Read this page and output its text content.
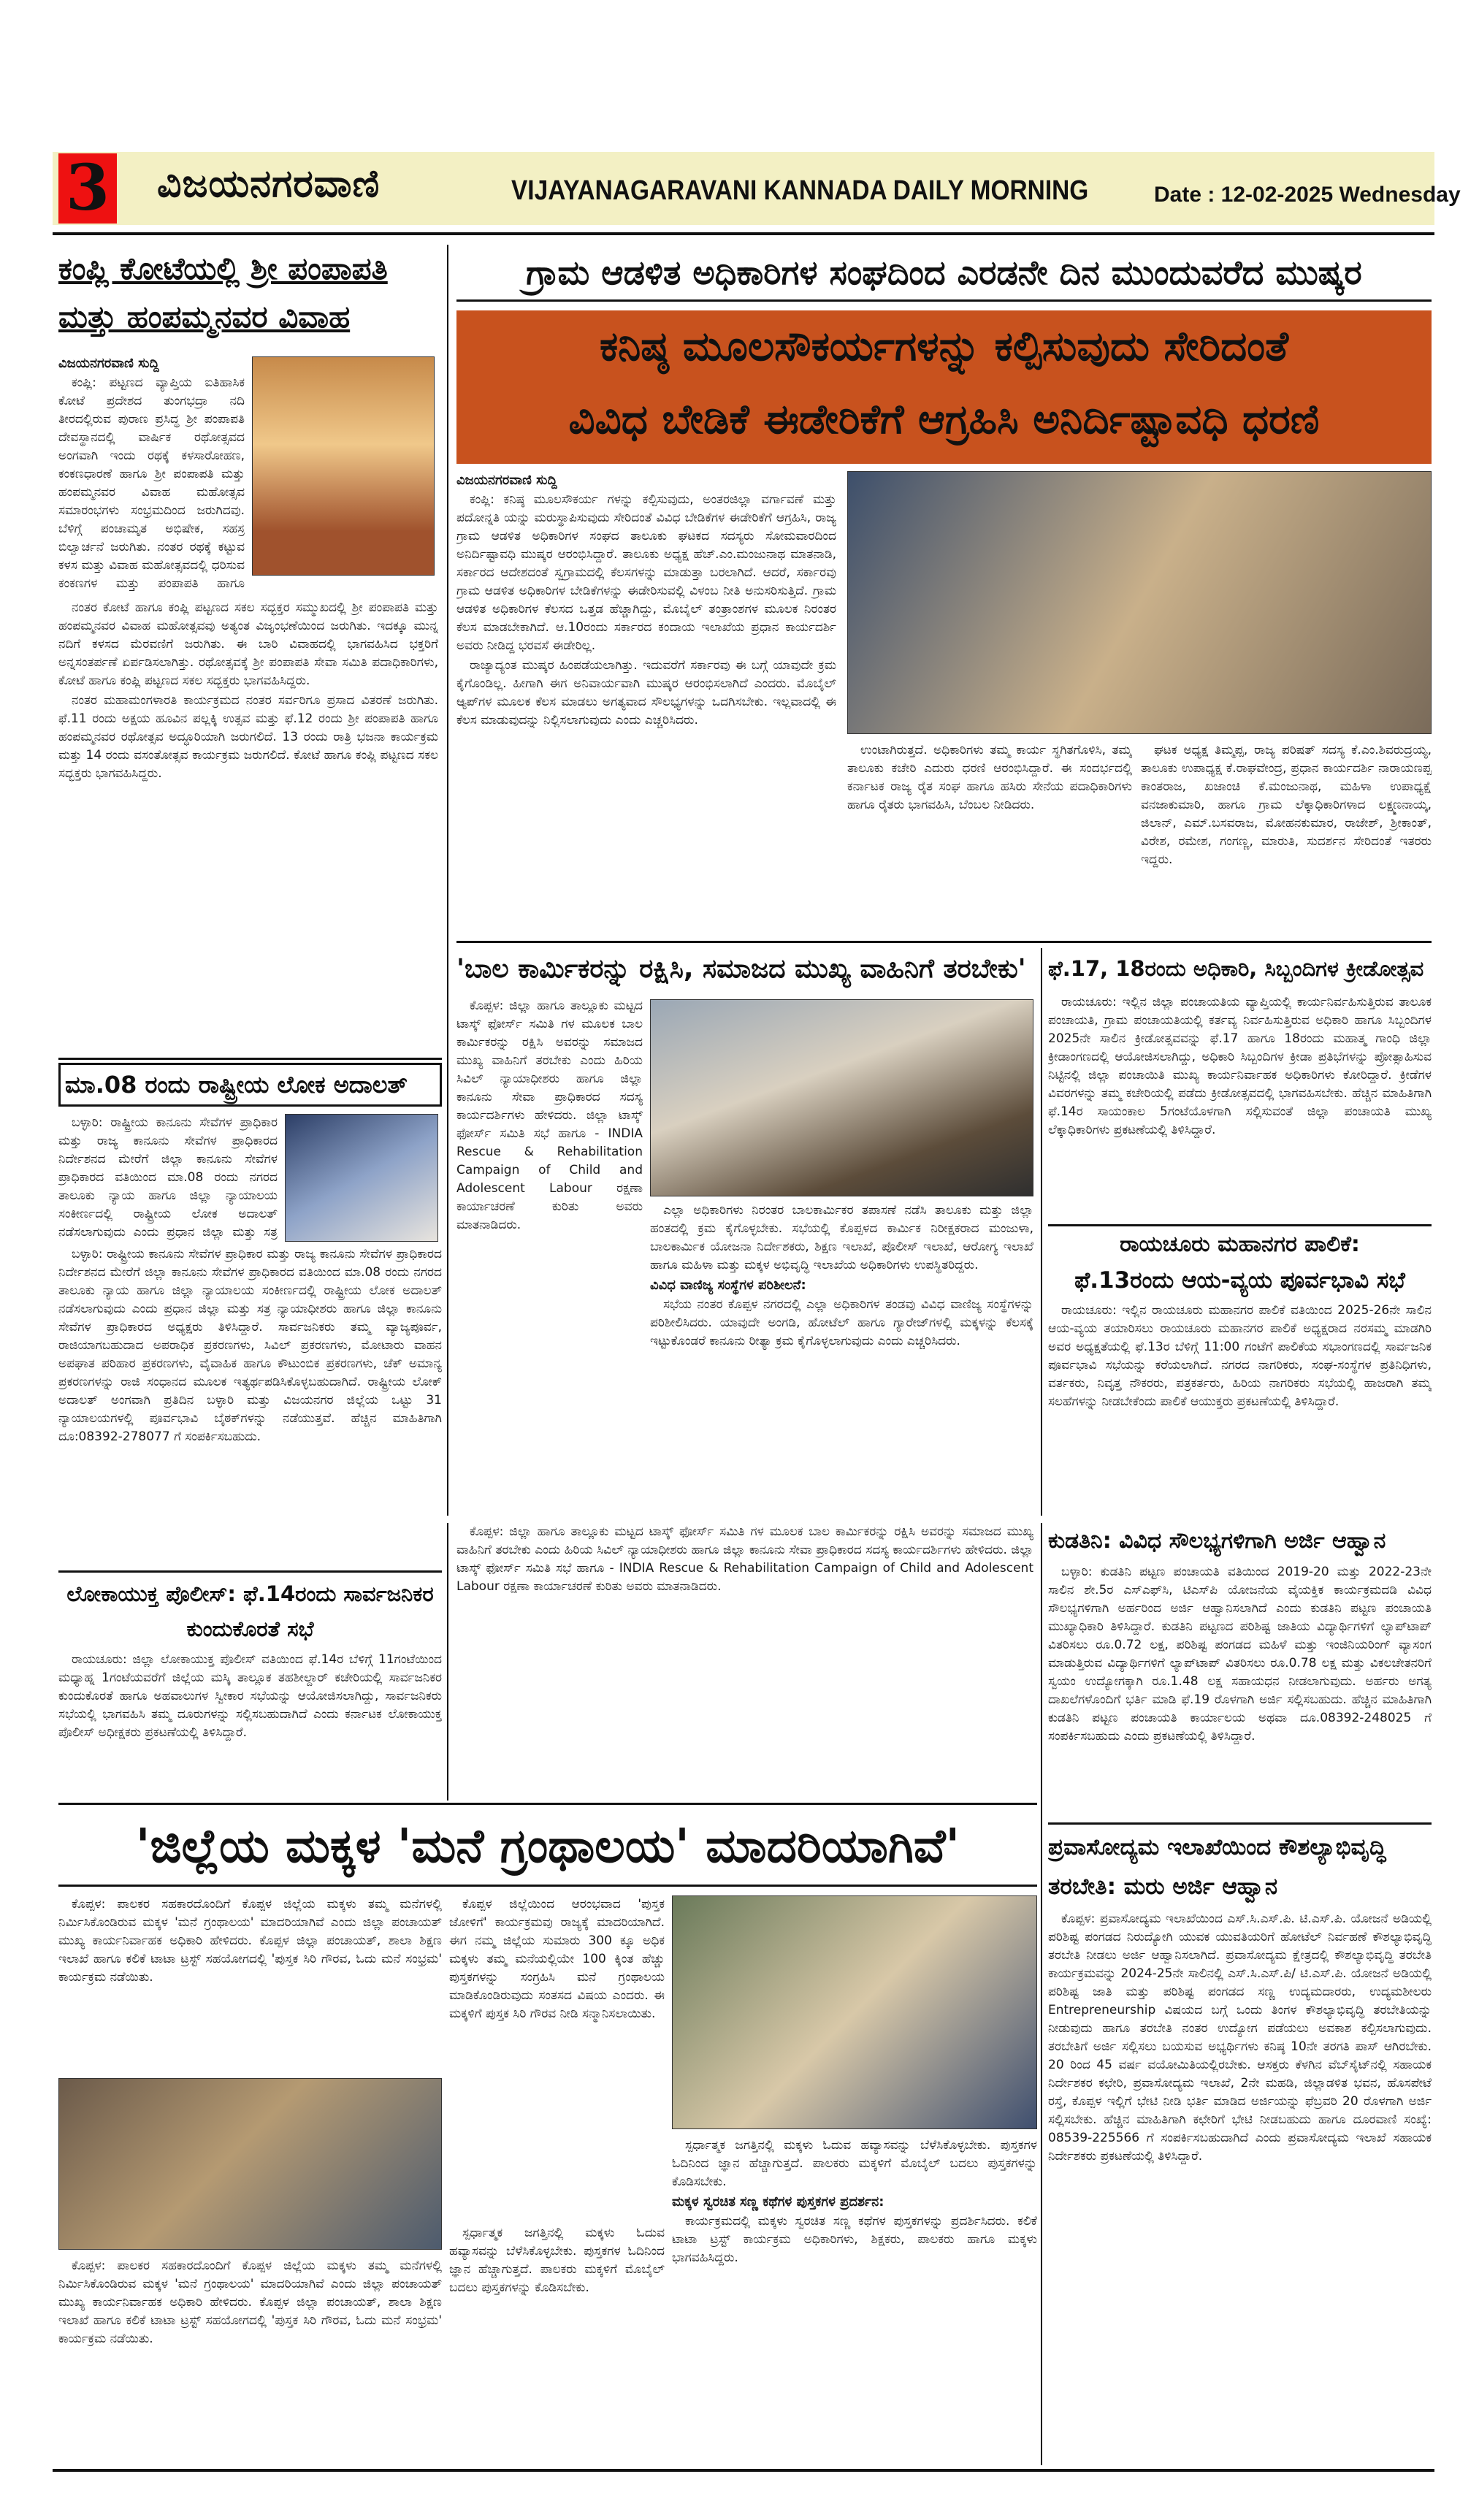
3 ವಿಜಯನಗರವಾಣಿ	VIJAYANAGARAVANI KANNADA DAILY MORNING	Date : 12-02-2025 Wednesday
ಕಂಪ್ಲಿ ಕೋಟೆಯಲ್ಲಿ ಶ್ರೀ ಪಂಪಾಪತಿ ಮತ್ತು ಹಂಪಮ್ಮನವರ ವಿವಾಹ
ವಿಜಯನಗರವಾಣಿ ಸುದ್ದಿ

ಕಂಪ್ಲಿ: ಪಟ್ಟಣದ ವ್ಯಾಪ್ತಿಯ ಐತಿಹಾಸಿಕ ಕೋಟೆ ಪ್ರದೇಶದ ತುಂಗಭದ್ರಾ ನದಿ ತೀರದಲ್ಲಿರುವ ಪುರಾಣ ಪ್ರಸಿದ್ಧ ಶ್ರೀ ಪಂಪಾಪತಿ ದೇವಸ್ಥಾನದಲ್ಲಿ ವಾರ್ಷಿಕ ರಥೋತ್ಸವದ ಅಂಗವಾಗಿ ಇಂದು ರಥಕ್ಕೆ ಕಳಸಾರೋಹಣ, ಕಂಕಣಧಾರಣೆ ಹಾಗೂ ಶ್ರೀ ಪಂಪಾಪತಿ ಮತ್ತು ಹಂಪಮ್ಮನವರ ವಿವಾಹ ಮಹೋತ್ಸವ ಸಮಾರಂಭಗಳು ಸಂಭ್ರಮದಿಂದ ಜರುಗಿದವು. ಬೆಳಿಗ್ಗೆ ಪಂಚಾಮೃತ ಅಭಿಷೇಕ, ಸಹಸ್ರ ಬಿಲ್ವಾರ್ಚನೆ ಜರುಗಿತು. ನಂತರ ರಥಕ್ಕೆ ಕಟ್ಟುವ ಕಳಸ ಮತ್ತು ವಿವಾಹ ಮಹೋತ್ಸವದಲ್ಲಿ ಧರಿಸುವ ಕಂಕಣಗಳ ಮತ್ತು ಪಂಪಾಪತಿ ಹಾಗೂ

ನಂತರ ಕೋಟೆ ಹಾಗೂ ಕಂಪ್ಲಿ ಪಟ್ಟಣದ ಸಕಲ ಸದ್ಭಕ್ತರ ಸಮ್ಮುಖದಲ್ಲಿ ಶ್ರೀ ಪಂಪಾಪತಿ ಮತ್ತು ಹಂಪಮ್ಮನವರ ವಿವಾಹ ಮಹೋತ್ಸವವು ಅತ್ಯಂತ ವಿಜೃಂಭಣೆಯಿಂದ ಜರುಗಿತು. ಇದಕ್ಕೂ ಮುನ್ನ ನದಿಗೆ ಕಳಸದ ಮೆರವಣಿಗೆ ಜರುಗಿತು. ಈ ಬಾರಿ ವಿವಾಹದಲ್ಲಿ ಭಾಗವಹಿಸಿದ ಭಕ್ತರಿಗೆ ಅನ್ನಸಂತರ್ಪಣೆ ಏರ್ಪಡಿಸಲಾಗಿತ್ತು. ರಥೋತ್ಸವಕ್ಕೆ ಶ್ರೀ ಪಂಪಾಪತಿ ಸೇವಾ ಸಮಿತಿ ಪದಾಧಿಕಾರಿಗಳು, ಕೋಟೆ ಹಾಗೂ ಕಂಪ್ಲಿ ಪಟ್ಟಣದ ಸಕಲ ಸದ್ಭಕ್ತರು ಭಾಗವಹಿಸಿದ್ದರು.

ನಂತರ ಮಹಾಮಂಗಳಾರತಿ ಕಾರ್ಯಕ್ರಮದ ನಂತರ ಸರ್ವರಿಗೂ ಪ್ರಸಾದ ವಿತರಣೆ ಜರುಗಿತು. ಫೆ.11 ರಂದು ಅಕ್ಷಯ ಹೂವಿನ ಪಲ್ಲಕ್ಕಿ ಉತ್ಸವ ಮತ್ತು ಫೆ.12 ರಂದು ಶ್ರೀ ಪಂಪಾಪತಿ ಹಾಗೂ ಹಂಪಮ್ಮನವರ ರಥೋತ್ಸವ ಅದ್ಧೂರಿಯಾಗಿ ಜರುಗಲಿದೆ. 13 ರಂದು ರಾತ್ರಿ ಭಜನಾ ಕಾರ್ಯಕ್ರಮ ಮತ್ತು 14 ರಂದು ವಸಂತೋತ್ಸವ ಕಾರ್ಯಕ್ರಮ ಜರುಗಲಿದೆ. ಕೋಟೆ ಹಾಗೂ ಕಂಪ್ಲಿ ಪಟ್ಟಣದ ಸಕಲ ಸದ್ಭಕ್ತರು ಭಾಗವಹಿಸಿದ್ದರು.

ಗ್ರಾಮ ಆಡಳಿತ ಅಧಿಕಾರಿಗಳ ಸಂಘದಿಂದ ಎರಡನೇ ದಿನ ಮುಂದುವರೆದ ಮುಷ್ಕರ
ಕನಿಷ್ಠ ಮೂಲಸೌಕರ್ಯಗಳನ್ನು ಕಲ್ಪಿಸುವುದು ಸೇರಿದಂತೆ
ವಿವಿಧ ಬೇಡಿಕೆ ಈಡೇರಿಕೆಗೆ ಆಗ್ರಹಿಸಿ ಅನಿರ್ದಿಷ್ಟಾವಧಿ ಧರಣಿ
ವಿಜಯನಗರವಾಣಿ ಸುದ್ದಿ

ಕಂಪ್ಲಿ: ಕನಿಷ್ಠ ಮೂಲಸೌಕರ್ಯ ಗಳನ್ನು ಕಲ್ಪಿಸುವುದು, ಅಂತರಜಿಲ್ಲಾ ವರ್ಗಾವಣೆ ಮತ್ತು ಪದೋನ್ನತಿ ಯನ್ನು ಮರುಸ್ಥಾಪಿಸುವುದು ಸೇರಿದಂತೆ ವಿವಿಧ ಬೇಡಿಕೆಗಳ ಈಡೇರಿಕೆಗೆ ಆಗ್ರಹಿಸಿ, ರಾಜ್ಯ ಗ್ರಾಮ ಆಡಳಿತ ಅಧಿಕಾರಿಗಳ ಸಂಘದ ತಾಲೂಕು ಘಟಕದ ಸದಸ್ಯರು ಸೋಮವಾರದಿಂದ ಅನಿರ್ದಿಷ್ಟಾವಧಿ ಮುಷ್ಕರ ಆರಂಭಿಸಿದ್ದಾರೆ. ತಾಲೂಕು ಅಧ್ಯಕ್ಷ ಹೆಚ್.ಎಂ.ಮಂಜುನಾಥ ಮಾತನಾಡಿ, ಸರ್ಕಾರದ ಆದೇಶದಂತೆ ಸ್ವಗ್ರಾಮದಲ್ಲಿ ಕೆಲಸಗಳನ್ನು ಮಾಡುತ್ತಾ ಬರಲಾಗಿದೆ. ಆದರೆ, ಸರ್ಕಾರವು ಗ್ರಾಮ ಆಡಳಿತ ಅಧಿಕಾರಿಗಳ ಬೇಡಿಕೆಗಳನ್ನು ಈಡೇರಿಸುವಲ್ಲಿ ವಿಳಂಬ ನೀತಿ ಅನುಸರಿಸುತ್ತಿದೆ. ಗ್ರಾಮ ಆಡಳಿತ ಅಧಿಕಾರಿಗಳ ಕೆಲಸದ ಒತ್ತಡ ಹೆಚ್ಚಾಗಿದ್ದು, ಮೊಬೈಲ್ ತಂತ್ರಾಂಶಗಳ ಮೂಲಕ ನಿರಂತರ ಕೆಲಸ ಮಾಡಬೇಕಾಗಿದೆ. ಆ.10ರಂದು ಸರ್ಕಾರದ ಕಂದಾಯ ಇಲಾಖೆಯ ಪ್ರಧಾನ ಕಾರ್ಯದರ್ಶಿ ಅವರು ನೀಡಿದ್ದ ಭರವಸೆ ಈಡೇರಿಲ್ಲ.

ರಾಜ್ಯಾದ್ಯಂತ ಮುಷ್ಕರ ಹಿಂಪಡೆಯಲಾಗಿತ್ತು. ಇದುವರೆಗೆ ಸರ್ಕಾರವು ಈ ಬಗ್ಗೆ ಯಾವುದೇ ಕ್ರಮ ಕೈಗೊಂಡಿಲ್ಲ. ಹೀಗಾಗಿ ಈಗ ಅನಿವಾರ್ಯವಾಗಿ ಮುಷ್ಕರ ಆರಂಭಿಸಲಾಗಿದೆ ಎಂದರು. ಮೊಬೈಲ್ ಆ್ಯಪ್‌ಗಳ ಮೂಲಕ ಕೆಲಸ ಮಾಡಲು ಅಗತ್ಯವಾದ ಸೌಲಭ್ಯಗಳನ್ನು ಒದಗಿಸಬೇಕು. ಇಲ್ಲವಾದಲ್ಲಿ ಈ ಕೆಲಸ ಮಾಡುವುದನ್ನು ನಿಲ್ಲಿಸಲಾಗುವುದು ಎಂದು ಎಚ್ಚರಿಸಿದರು.

ಉಂಟಾಗಿರುತ್ತದೆ. ಅಧಿಕಾರಿಗಳು ತಮ್ಮ ಕಾರ್ಯ ಸ್ಥಗಿತಗೊಳಿಸಿ, ತಮ್ಮ ತಾಲೂಕು ಕಚೇರಿ ಎದುರು ಧರಣಿ ಆರಂಭಿಸಿದ್ದಾರೆ. ಈ ಸಂದರ್ಭದಲ್ಲಿ ಕರ್ನಾಟಕ ರಾಜ್ಯ ರೈತ ಸಂಘ ಹಾಗೂ ಹಸಿರು ಸೇನೆಯ ಪದಾಧಿಕಾರಿಗಳು ಹಾಗೂ ರೈತರು ಭಾಗವಹಿಸಿ, ಬೆಂಬಲ ನೀಡಿದರು.

ಘಟಕ ಅಧ್ಯಕ್ಷ ತಿಮ್ಮಪ್ಪ, ರಾಜ್ಯ ಪರಿಷತ್ ಸದಸ್ಯ ಕೆ.ಎಂ.ಶಿವರುದ್ರಯ್ಯ, ತಾಲೂಕು ಉಪಾಧ್ಯಕ್ಷ ಕೆ.ರಾಘವೇಂದ್ರ, ಪ್ರಧಾನ ಕಾರ್ಯದರ್ಶಿ ನಾರಾಯಣಪ್ಪ ಕಾಂತರಾಜ, ಖಜಾಂಚಿ ಕೆ.ಮಂಜುನಾಥ, ಮಹಿಳಾ ಉಪಾಧ್ಯಕ್ಷೆ ವನಜಾಕುಮಾರಿ, ಹಾಗೂ ಗ್ರಾಮ ಲೆಕ್ಕಾಧಿಕಾರಿಗಳಾದ ಲಕ್ಷ್ಮಣನಾಯ್ಕ, ಜಿಲಾನ್, ಎಮ್.ಬಸವರಾಜ, ಮೋಹನಕುಮಾರ, ರಾಜೇಶ್, ಶ್ರೀಕಾಂತ್, ವಿರೇಶ, ರಮೇಶ, ಗಂಗಣ್ಣ, ಮಾರುತಿ, ಸುದರ್ಶನ ಸೇರಿದಂತೆ ಇತರರು ಇದ್ದರು.

'ಬಾಲ ಕಾರ್ಮಿಕರನ್ನು ರಕ್ಷಿಸಿ, ಸಮಾಜದ ಮುಖ್ಯ ವಾಹಿನಿಗೆ ತರಬೇಕು'

ಕೊಪ್ಪಳ: ಜಿಲ್ಲಾ ಹಾಗೂ ತಾಲ್ಲೂಕು ಮಟ್ಟದ ಟಾಸ್ಕ್ ಫೋರ್ಸ್ ಸಮಿತಿ ಗಳ ಮೂಲಕ ಬಾಲ ಕಾರ್ಮಿಕರನ್ನು ರಕ್ಷಿಸಿ ಅವರನ್ನು ಸಮಾಜದ ಮುಖ್ಯ ವಾಹಿನಿಗೆ ತರಬೇಕು ಎಂದು ಹಿರಿಯ ಸಿವಿಲ್ ನ್ಯಾಯಾಧೀಶರು ಹಾಗೂ ಜಿಲ್ಲಾ ಕಾನೂನು ಸೇವಾ ಪ್ರಾಧಿಕಾರದ ಸದಸ್ಯ ಕಾರ್ಯದರ್ಶಿಗಳು ಹೇಳಿದರು. ಜಿಲ್ಲಾ ಟಾಸ್ಕ್ ಫೋರ್ಸ್ ಸಮಿತಿ ಸಭೆ ಹಾಗೂ - INDIA Rescue & Rehabilitation Campaign of Child and Adolescent Labour ರಕ್ಷಣಾ ಕಾರ್ಯಾಚರಣೆ ಕುರಿತು ಅವರು ಮಾತನಾಡಿದರು.

ಎಲ್ಲಾ ಅಧಿಕಾರಿಗಳು ನಿರಂತರ ಬಾಲಕಾರ್ಮಿಕರ ತಪಾಸಣೆ ನಡೆಸಿ ತಾಲೂಕು ಮತ್ತು ಜಿಲ್ಲಾ ಹಂತದಲ್ಲಿ ಕ್ರಮ ಕೈಗೊಳ್ಳಬೇಕು. ಸಭೆಯಲ್ಲಿ ಕೊಪ್ಪಳದ ಕಾರ್ಮಿಕ ನಿರೀಕ್ಷಕರಾದ ಮಂಜುಳಾ, ಬಾಲಕಾರ್ಮಿಕ ಯೋಜನಾ ನಿರ್ದೇಶಕರು, ಶಿಕ್ಷಣ ಇಲಾಖೆ, ಪೊಲೀಸ್ ಇಲಾಖೆ, ಆರೋಗ್ಯ ಇಲಾಖೆ ಹಾಗೂ ಮಹಿಳಾ ಮತ್ತು ಮಕ್ಕಳ ಅಭಿವೃದ್ಧಿ ಇಲಾಖೆಯ ಅಧಿಕಾರಿಗಳು ಉಪಸ್ಥಿತರಿದ್ದರು.

ವಿವಿಧ ವಾಣಿಜ್ಯ ಸಂಸ್ಥೆಗಳ ಪರಿಶೀಲನೆ:

ಸಭೆಯ ನಂತರ ಕೊಪ್ಪಳ ನಗರದಲ್ಲಿ ಎಲ್ಲಾ ಅಧಿಕಾರಿಗಳ ತಂಡವು ವಿವಿಧ ವಾಣಿಜ್ಯ ಸಂಸ್ಥೆಗಳನ್ನು ಪರಿಶೀಲಿಸಿದರು. ಯಾವುದೇ ಅಂಗಡಿ, ಹೋಟೆಲ್ ಹಾಗೂ ಗ್ಯಾರೇಜ್‌ಗಳಲ್ಲಿ ಮಕ್ಕಳನ್ನು ಕೆಲಸಕ್ಕೆ ಇಟ್ಟುಕೊಂಡರೆ ಕಾನೂನು ರೀತ್ಯಾ ಕ್ರಮ ಕೈಗೊಳ್ಳಲಾಗುವುದು ಎಂದು ಎಚ್ಚರಿಸಿದರು.

ಫೆ.17, 18ರಂದು ಅಧಿಕಾರಿ, ಸಿಬ್ಬಂದಿಗಳ ಕ್ರೀಡೋತ್ಸವ

ರಾಯಚೂರು: ಇಲ್ಲಿನ ಜಿಲ್ಲಾ ಪಂಚಾಯತಿಯ ವ್ಯಾಪ್ತಿಯಲ್ಲಿ ಕಾರ್ಯನಿರ್ವಹಿಸುತ್ತಿರುವ ತಾಲೂಕ ಪಂಚಾಯತಿ, ಗ್ರಾಮ ಪಂಚಾಯತಿಯಲ್ಲಿ ಕರ್ತವ್ಯ ನಿರ್ವಹಿಸುತ್ತಿರುವ ಅಧಿಕಾರಿ ಹಾಗೂ ಸಿಬ್ಬಂದಿಗಳ 2025ನೇ ಸಾಲಿನ ಕ್ರೀಡೋತ್ಸವವನ್ನು ಫೆ.17 ಹಾಗೂ 18ರಂದು ಮಹಾತ್ಮ ಗಾಂಧಿ ಜಿಲ್ಲಾ ಕ್ರೀಡಾಂಗಣದಲ್ಲಿ ಆಯೋಜಿಸಲಾಗಿದ್ದು, ಅಧಿಕಾರಿ ಸಿಬ್ಬಂದಿಗಳ ಕ್ರೀಡಾ ಪ್ರತಿಭೆಗಳನ್ನು ಪ್ರೋತ್ಸಾಹಿಸುವ ನಿಟ್ಟಿನಲ್ಲಿ ಜಿಲ್ಲಾ ಪಂಚಾಯಿತಿ ಮುಖ್ಯ ಕಾರ್ಯನಿರ್ವಾಹಕ ಅಧಿಕಾರಿಗಳು ಕೋರಿದ್ದಾರೆ. ಕ್ರೀಡೆಗಳ ವಿವರಗಳನ್ನು ತಮ್ಮ ಕಚೇರಿಯಲ್ಲಿ ಪಡೆದು ಕ್ರೀಡೋತ್ಸವದಲ್ಲಿ ಭಾಗವಹಿಸಬೇಕು. ಹೆಚ್ಚಿನ ಮಾಹಿತಿಗಾಗಿ ಫೆ.14ರ ಸಾಯಂಕಾಲ 5ಗಂಟೆಯೊಳಗಾಗಿ ಸಲ್ಲಿಸುವಂತೆ ಜಿಲ್ಲಾ ಪಂಚಾಯತಿ ಮುಖ್ಯ ಲೆಕ್ಕಾಧಿಕಾರಿಗಳು ಪ್ರಕಟಣೆಯಲ್ಲಿ ತಿಳಿಸಿದ್ದಾರೆ.

ರಾಯಚೂರು ಮಹಾನಗರ ಪಾಲಿಕೆ:
ಫೆ.13ರಂದು ಆಯ-ವ್ಯಯ ಪೂರ್ವಭಾವಿ ಸಭೆ

ರಾಯಚೂರು: ಇಲ್ಲಿನ ರಾಯಚೂರು ಮಹಾನಗರ ಪಾಲಿಕೆ ವತಿಯಿಂದ 2025-26ನೇ ಸಾಲಿನ ಆಯ-ವ್ಯಯ ತಯಾರಿಸಲು ರಾಯಚೂರು ಮಹಾನಗರ ಪಾಲಿಕೆ ಅಧ್ಯಕ್ಷರಾದ ನರಸಮ್ಮ ಮಾಡಗಿರಿ ಅವರ ಅಧ್ಯಕ್ಷತೆಯಲ್ಲಿ ಫೆ.13ರ ಬೆಳಿಗ್ಗೆ 11:00 ಗಂಟೆಗೆ ಪಾಲಿಕೆಯ ಸಭಾಂಗಣದಲ್ಲಿ ಸಾರ್ವಜನಿಕ ಪೂರ್ವಭಾವಿ ಸಭೆಯನ್ನು ಕರೆಯಲಾಗಿದೆ. ನಗರದ ನಾಗರಿಕರು, ಸಂಘ-ಸಂಸ್ಥೆಗಳ ಪ್ರತಿನಿಧಿಗಳು, ವರ್ತಕರು, ನಿವೃತ್ತ ನೌಕರರು, ಪತ್ರಕರ್ತರು, ಹಿರಿಯ ನಾಗರಿಕರು ಸಭೆಯಲ್ಲಿ ಹಾಜರಾಗಿ ತಮ್ಮ ಸಲಹೆಗಳನ್ನು ನೀಡಬೇಕೆಂದು ಪಾಲಿಕೆ ಆಯುಕ್ತರು ಪ್ರಕಟಣೆಯಲ್ಲಿ ತಿಳಿಸಿದ್ದಾರೆ.

ಮಾ.08 ರಂದು ರಾಷ್ಟ್ರೀಯ ಲೋಕ ಅದಾಲತ್

ಬಳ್ಳಾರಿ: ರಾಷ್ಟ್ರೀಯ ಕಾನೂನು ಸೇವೆಗಳ ಪ್ರಾಧಿಕಾರ ಮತ್ತು ರಾಜ್ಯ ಕಾನೂನು ಸೇವೆಗಳ ಪ್ರಾಧಿಕಾರದ ನಿರ್ದೇಶನದ ಮೇರೆಗೆ ಜಿಲ್ಲಾ ಕಾನೂನು ಸೇವೆಗಳ ಪ್ರಾಧಿಕಾರದ ವತಿಯಿಂದ ಮಾ.08 ರಂದು ನಗರದ ತಾಲೂಕು ನ್ಯಾಯ ಹಾಗೂ ಜಿಲ್ಲಾ ನ್ಯಾಯಾಲಯ ಸಂಕೀರ್ಣದಲ್ಲಿ ರಾಷ್ಟ್ರೀಯ ಲೋಕ ಅದಾಲತ್ ನಡೆಸಲಾಗುವುದು ಎಂದು ಪ್ರಧಾನ ಜಿಲ್ಲಾ ಮತ್ತು ಸತ್ರ

ಬಳ್ಳಾರಿ: ರಾಷ್ಟ್ರೀಯ ಕಾನೂನು ಸೇವೆಗಳ ಪ್ರಾಧಿಕಾರ ಮತ್ತು ರಾಜ್ಯ ಕಾನೂನು ಸೇವೆಗಳ ಪ್ರಾಧಿಕಾರದ ನಿರ್ದೇಶನದ ಮೇರೆಗೆ ಜಿಲ್ಲಾ ಕಾನೂನು ಸೇವೆಗಳ ಪ್ರಾಧಿಕಾರದ ವತಿಯಿಂದ ಮಾ.08 ರಂದು ನಗರದ ತಾಲೂಕು ನ್ಯಾಯ ಹಾಗೂ ಜಿಲ್ಲಾ ನ್ಯಾಯಾಲಯ ಸಂಕೀರ್ಣದಲ್ಲಿ ರಾಷ್ಟ್ರೀಯ ಲೋಕ ಅದಾಲತ್ ನಡೆಸಲಾಗುವುದು ಎಂದು ಪ್ರಧಾನ ಜಿಲ್ಲಾ ಮತ್ತು ಸತ್ರ ನ್ಯಾಯಾಧೀಶರು ಹಾಗೂ ಜಿಲ್ಲಾ ಕಾನೂನು ಸೇವೆಗಳ ಪ್ರಾಧಿಕಾರದ ಅಧ್ಯಕ್ಷರು ತಿಳಿಸಿದ್ದಾರೆ. ಸಾರ್ವಜನಿಕರು ತಮ್ಮ ವ್ಯಾಜ್ಯಪೂರ್ವ, ರಾಜಿಯಾಗಬಹುದಾದ ಅಪರಾಧಿಕ ಪ್ರಕರಣಗಳು, ಸಿವಿಲ್ ಪ್ರಕರಣಗಳು, ಮೋಟಾರು ವಾಹನ ಅಪಘಾತ ಪರಿಹಾರ ಪ್ರಕರಣಗಳು, ವೈವಾಹಿಕ ಹಾಗೂ ಕೌಟುಂಬಿಕ ಪ್ರಕರಣಗಳು, ಚೆಕ್ ಅಮಾನ್ಯ ಪ್ರಕರಣಗಳನ್ನು ರಾಜಿ ಸಂಧಾನದ ಮೂಲಕ ಇತ್ಯರ್ಥಪಡಿಸಿಕೊಳ್ಳಬಹುದಾಗಿದೆ. ರಾಷ್ಟ್ರೀಯ ಲೋಕ್ ಅದಾಲತ್ ಅಂಗವಾಗಿ ಪ್ರತಿದಿನ ಬಳ್ಳಾರಿ ಮತ್ತು ವಿಜಯನಗರ ಜಿಲ್ಲೆಯ ಒಟ್ಟು 31 ನ್ಯಾಯಾಲಯಗಳಲ್ಲಿ ಪೂರ್ವಭಾವಿ ಬೈಠಕ್‌ಗಳನ್ನು ನಡೆಯುತ್ತವೆ. ಹೆಚ್ಚಿನ ಮಾಹಿತಿಗಾಗಿ ದೂ:08392-278077 ಗೆ ಸಂಪರ್ಕಿಸಬಹುದು.

ಲೋಕಾಯುಕ್ತ ಪೊಲೀಸ್: ಫೆ.14ರಂದು ಸಾರ್ವಜನಿಕರ ಕುಂದುಕೊರತೆ ಸಭೆ

ರಾಯಚೂರು: ಜಿಲ್ಲಾ ಲೋಕಾಯುಕ್ತ ಪೊಲೀಸ್ ವತಿಯಿಂದ ಫೆ.14ರ ಬೆಳಿಗ್ಗೆ 11ಗಂಟೆಯಿಂದ ಮಧ್ಯಾಹ್ನ 1ಗಂಟೆಯವರೆಗೆ ಜಿಲ್ಲೆಯ ಮಸ್ಕಿ ತಾಲ್ಲೂಕ ತಹಶೀಲ್ದಾರ್ ಕಚೇರಿಯಲ್ಲಿ ಸಾರ್ವಜನಿಕರ ಕುಂದುಕೊರತೆ ಹಾಗೂ ಅಹವಾಲುಗಳ ಸ್ವೀಕಾರ ಸಭೆಯನ್ನು ಆಯೋಜಿಸಲಾಗಿದ್ದು, ಸಾರ್ವಜನಿಕರು ಸಭೆಯಲ್ಲಿ ಭಾಗವಹಿಸಿ ತಮ್ಮ ದೂರುಗಳನ್ನು ಸಲ್ಲಿಸಬಹುದಾಗಿದೆ ಎಂದು ಕರ್ನಾಟಕ ಲೋಕಾಯುಕ್ತ ಪೊಲೀಸ್ ಅಧೀಕ್ಷಕರು ಪ್ರಕಟಣೆಯಲ್ಲಿ ತಿಳಿಸಿದ್ದಾರೆ.

ಕೊಪ್ಪಳ: ಜಿಲ್ಲಾ ಹಾಗೂ ತಾಲ್ಲೂಕು ಮಟ್ಟದ ಟಾಸ್ಕ್ ಫೋರ್ಸ್ ಸಮಿತಿ ಗಳ ಮೂಲಕ ಬಾಲ ಕಾರ್ಮಿಕರನ್ನು ರಕ್ಷಿಸಿ ಅವರನ್ನು ಸಮಾಜದ ಮುಖ್ಯ ವಾಹಿನಿಗೆ ತರಬೇಕು ಎಂದು ಹಿರಿಯ ಸಿವಿಲ್ ನ್ಯಾಯಾಧೀಶರು ಹಾಗೂ ಜಿಲ್ಲಾ ಕಾನೂನು ಸೇವಾ ಪ್ರಾಧಿಕಾರದ ಸದಸ್ಯ ಕಾರ್ಯದರ್ಶಿಗಳು ಹೇಳಿದರು. ಜಿಲ್ಲಾ ಟಾಸ್ಕ್ ಫೋರ್ಸ್ ಸಮಿತಿ ಸಭೆ ಹಾಗೂ - INDIA Rescue & Rehabilitation Campaign of Child and Adolescent Labour ರಕ್ಷಣಾ ಕಾರ್ಯಾಚರಣೆ ಕುರಿತು ಅವರು ಮಾತನಾಡಿದರು.

ಕುಡತಿನಿ: ವಿವಿಧ ಸೌಲಭ್ಯಗಳಿಗಾಗಿ ಅರ್ಜಿ ಆಹ್ವಾನ

ಬಳ್ಳಾರಿ: ಕುಡತಿನಿ ಪಟ್ಟಣ ಪಂಚಾಯತಿ ವತಿಯಿಂದ 2019-20 ಮತ್ತು 2022-23ನೇ ಸಾಲಿನ ಶೇ.5ರ ಎಸ್‌ಎಫ್‌ಸಿ, ಟಿಎಸ್‌ಪಿ ಯೋಜನೆಯ ವೈಯಕ್ತಿಕ ಕಾರ್ಯಕ್ರಮದಡಿ ವಿವಿಧ ಸೌಲಭ್ಯಗಳಿಗಾಗಿ ಅರ್ಹರಿಂದ ಅರ್ಜಿ ಆಹ್ವಾನಿಸಲಾಗಿದೆ ಎಂದು ಕುಡತಿನಿ ಪಟ್ಟಣ ಪಂಚಾಯತಿ ಮುಖ್ಯಾಧಿಕಾರಿ ತಿಳಿಸಿದ್ದಾರೆ. ಕುಡತಿನಿ ಪಟ್ಟಣದ ಪರಿಶಿಷ್ಟ ಜಾತಿಯ ವಿದ್ಯಾರ್ಥಿಗಳಿಗೆ ಲ್ಯಾಪ್‌ಟಾಪ್ ವಿತರಿಸಲು ರೂ.0.72 ಲಕ್ಷ, ಪರಿಶಿಷ್ಟ ಪಂಗಡದ ಮಹಿಳೆ ಮತ್ತು ಇಂಜಿನಿಯರಿಂಗ್ ವ್ಯಾಸಂಗ ಮಾಡುತ್ತಿರುವ ವಿದ್ಯಾರ್ಥಿಗಳಿಗೆ ಲ್ಯಾಪ್‌ಟಾಪ್ ವಿತರಿಸಲು ರೂ.0.78 ಲಕ್ಷ ಮತ್ತು ವಿಕಲಚೇತನರಿಗೆ ಸ್ವಯಂ ಉದ್ಯೋಗಕ್ಕಾಗಿ ರೂ.1.48 ಲಕ್ಷ ಸಹಾಯಧನ ನೀಡಲಾಗುವುದು. ಅರ್ಹರು ಅಗತ್ಯ ದಾಖಲೆಗಳೊಂದಿಗೆ ಭರ್ತಿ ಮಾಡಿ ಫೆ.19 ರೊಳಗಾಗಿ ಅರ್ಜಿ ಸಲ್ಲಿಸಬಹುದು. ಹೆಚ್ಚಿನ ಮಾಹಿತಿಗಾಗಿ ಕುಡತಿನಿ ಪಟ್ಟಣ ಪಂಚಾಯತಿ ಕಾರ್ಯಾಲಯ ಅಥವಾ ದೂ.08392-248025 ಗೆ ಸಂಪರ್ಕಿಸಬಹುದು ಎಂದು ಪ್ರಕಟಣೆಯಲ್ಲಿ ತಿಳಿಸಿದ್ದಾರೆ.

'ಜಿಲ್ಲೆಯ ಮಕ್ಕಳ 'ಮನೆ ಗ್ರಂಥಾಲಯ' ಮಾದರಿಯಾಗಿವೆ'

ಕೊಪ್ಪಳ: ಪಾಲಕರ ಸಹಕಾರದೊಂದಿಗೆ ಕೊಪ್ಪಳ ಜಿಲ್ಲೆಯ ಮಕ್ಕಳು ತಮ್ಮ ಮನೆಗಳಲ್ಲಿ ನಿರ್ಮಿಸಿಕೊಂಡಿರುವ ಮಕ್ಕಳ 'ಮನೆ ಗ್ರಂಥಾಲಯ' ಮಾದರಿಯಾಗಿವೆ ಎಂದು ಜಿಲ್ಲಾ ಪಂಚಾಯತ್ ಮುಖ್ಯ ಕಾರ್ಯನಿರ್ವಾಹಕ ಅಧಿಕಾರಿ ಹೇಳಿದರು. ಕೊಪ್ಪಳ ಜಿಲ್ಲಾ ಪಂಚಾಯತ್, ಶಾಲಾ ಶಿಕ್ಷಣ ಇಲಾಖೆ ಹಾಗೂ ಕಲಿಕೆ ಟಾಟಾ ಟ್ರಸ್ಟ್ ಸಹಯೋಗದಲ್ಲಿ 'ಪುಸ್ತಕ ಸಿರಿ ಗೌರವ, ಓದು ಮನೆ ಸಂಭ್ರಮ' ಕಾರ್ಯಕ್ರಮ ನಡೆಯಿತು.

ಕೊಪ್ಪಳ ಜಿಲ್ಲೆಯಿಂದ ಆರಂಭವಾದ 'ಪುಸ್ತಕ ಜೋಳಿಗೆ' ಕಾರ್ಯಕ್ರಮವು ರಾಜ್ಯಕ್ಕೆ ಮಾದರಿಯಾಗಿದೆ. ಈಗ ನಮ್ಮ ಜಿಲ್ಲೆಯ ಸುಮಾರು 300 ಕ್ಕೂ ಅಧಿಕ ಮಕ್ಕಳು ತಮ್ಮ ಮನೆಯಲ್ಲಿಯೇ 100 ಕ್ಕಿಂತ ಹೆಚ್ಚು ಪುಸ್ತಕಗಳನ್ನು ಸಂಗ್ರಹಿಸಿ ಮನೆ ಗ್ರಂಥಾಲಯ ಮಾಡಿಕೊಂಡಿರುವುದು ಸಂತಸದ ವಿಷಯ ಎಂದರು. ಈ ಮಕ್ಕಳಿಗೆ ಪುಸ್ತಕ ಸಿರಿ ಗೌರವ ನೀಡಿ ಸನ್ಮಾನಿಸಲಾಯಿತು.

ಕೊಪ್ಪಳ: ಪಾಲಕರ ಸಹಕಾರದೊಂದಿಗೆ ಕೊಪ್ಪಳ ಜಿಲ್ಲೆಯ ಮಕ್ಕಳು ತಮ್ಮ ಮನೆಗಳಲ್ಲಿ ನಿರ್ಮಿಸಿಕೊಂಡಿರುವ ಮಕ್ಕಳ 'ಮನೆ ಗ್ರಂಥಾಲಯ' ಮಾದರಿಯಾಗಿವೆ ಎಂದು ಜಿಲ್ಲಾ ಪಂಚಾಯತ್ ಮುಖ್ಯ ಕಾರ್ಯನಿರ್ವಾಹಕ ಅಧಿಕಾರಿ ಹೇಳಿದರು. ಕೊಪ್ಪಳ ಜಿಲ್ಲಾ ಪಂಚಾಯತ್, ಶಾಲಾ ಶಿಕ್ಷಣ ಇಲಾಖೆ ಹಾಗೂ ಕಲಿಕೆ ಟಾಟಾ ಟ್ರಸ್ಟ್ ಸಹಯೋಗದಲ್ಲಿ 'ಪುಸ್ತಕ ಸಿರಿ ಗೌರವ, ಓದು ಮನೆ ಸಂಭ್ರಮ' ಕಾರ್ಯಕ್ರಮ ನಡೆಯಿತು.

ಸ್ಪರ್ಧಾತ್ಮಕ ಜಗತ್ತಿನಲ್ಲಿ ಮಕ್ಕಳು ಓದುವ ಹವ್ಯಾಸವನ್ನು ಬೆಳೆಸಿಕೊಳ್ಳಬೇಕು. ಪುಸ್ತಕಗಳ ಓದಿನಿಂದ ಜ್ಞಾನ ಹೆಚ್ಚಾಗುತ್ತದೆ. ಪಾಲಕರು ಮಕ್ಕಳಿಗೆ ಮೊಬೈಲ್ ಬದಲು ಪುಸ್ತಕಗಳನ್ನು ಕೊಡಿಸಬೇಕು.

ಸ್ಪರ್ಧಾತ್ಮಕ ಜಗತ್ತಿನಲ್ಲಿ ಮಕ್ಕಳು ಓದುವ ಹವ್ಯಾಸವನ್ನು ಬೆಳೆಸಿಕೊಳ್ಳಬೇಕು. ಪುಸ್ತಕಗಳ ಓದಿನಿಂದ ಜ್ಞಾನ ಹೆಚ್ಚಾಗುತ್ತದೆ. ಪಾಲಕರು ಮಕ್ಕಳಿಗೆ ಮೊಬೈಲ್ ಬದಲು ಪುಸ್ತಕಗಳನ್ನು ಕೊಡಿಸಬೇಕು.

ಮಕ್ಕಳ ಸ್ವರಚಿತ ಸಣ್ಣ ಕಥೆಗಳ ಪುಸ್ತಕಗಳ ಪ್ರದರ್ಶನ:

ಕಾರ್ಯಕ್ರಮದಲ್ಲಿ ಮಕ್ಕಳು ಸ್ವರಚಿತ ಸಣ್ಣ ಕಥೆಗಳ ಪುಸ್ತಕಗಳನ್ನು ಪ್ರದರ್ಶಿಸಿದರು. ಕಲಿಕೆ ಟಾಟಾ ಟ್ರಸ್ಟ್ ಕಾರ್ಯಕ್ರಮ ಅಧಿಕಾರಿಗಳು, ಶಿಕ್ಷಕರು, ಪಾಲಕರು ಹಾಗೂ ಮಕ್ಕಳು ಭಾಗವಹಿಸಿದ್ದರು.

ಪ್ರವಾಸೋದ್ಯಮ ಇಲಾಖೆಯಿಂದ ಕೌಶಲ್ಯಾಭಿವೃದ್ಧಿ ತರಬೇತಿ: ಮರು ಅರ್ಜಿ ಆಹ್ವಾನ

ಕೊಪ್ಪಳ: ಪ್ರವಾಸೋದ್ಯಮ ಇಲಾಖೆಯಿಂದ ಎಸ್.ಸಿ.ಎಸ್.ಪಿ. ಟಿ.ಎಸ್.ಪಿ. ಯೋಜನೆ ಅಡಿಯಲ್ಲಿ ಪರಿಶಿಷ್ಟ ಪಂಗಡದ ನಿರುದ್ಯೋಗಿ ಯುವಕ ಯುವತಿಯರಿಗೆ ಹೋಟೆಲ್ ನಿರ್ವಹಣೆ ಕೌಶಲ್ಯಾಭಿವೃದ್ಧಿ ತರಬೇತಿ ನೀಡಲು ಅರ್ಜಿ ಆಹ್ವಾನಿಸಲಾಗಿದೆ. ಪ್ರವಾಸೋದ್ಯಮ ಕ್ಷೇತ್ರದಲ್ಲಿ ಕೌಶಲ್ಯಾಭಿವೃದ್ಧಿ ತರಬೇತಿ ಕಾರ್ಯಕ್ರಮವನ್ನು 2024-25ನೇ ಸಾಲಿನಲ್ಲಿ ಎಸ್.ಸಿ.ಎಸ್.ಪಿ/ ಟಿ.ಎಸ್.ಪಿ. ಯೋಜನೆ ಅಡಿಯಲ್ಲಿ ಪರಿಶಿಷ್ಟ ಜಾತಿ ಮತ್ತು ಪರಿಶಿಷ್ಟ ಪಂಗಡದ ಸಣ್ಣ ಉದ್ಯಮದಾರರು, ಉದ್ಯಮಶೀಲರು Entrepreneurship ವಿಷಯದ ಬಗ್ಗೆ ಒಂದು ತಿಂಗಳ ಕೌಶಲ್ಯಾಭಿವೃದ್ಧಿ ತರಬೇತಿಯನ್ನು ನೀಡುವುದು ಹಾಗೂ ತರಬೇತಿ ನಂತರ ಉದ್ಯೋಗ ಪಡೆಯಲು ಅವಕಾಶ ಕಲ್ಪಿಸಲಾಗುವುದು. ತರಬೇತಿಗೆ ಅರ್ಜಿ ಸಲ್ಲಿಸಲು ಬಯಸುವ ಅಭ್ಯರ್ಥಿಗಳು ಕನಿಷ್ಠ 10ನೇ ತರಗತಿ ಪಾಸ್ ಆಗಿರಬೇಕು. 20 ರಿಂದ 45 ವರ್ಷ ವಯೋಮಿತಿಯಲ್ಲಿರಬೇಕು. ಆಸಕ್ತರು ಕೆಳಗಿನ ವೆಬ್‌ಸೈಟ್‌ನಲ್ಲಿ ಸಹಾಯಕ ನಿರ್ದೇಶಕರ ಕಛೇರಿ, ಪ್ರವಾಸೋದ್ಯಮ ಇಲಾಖೆ, 2ನೇ ಮಹಡಿ, ಜಿಲ್ಲಾಡಳಿತ ಭವನ, ಹೊಸಪೇಟೆ ರಸ್ತೆ, ಕೊಪ್ಪಳ ಇಲ್ಲಿಗೆ ಭೇಟಿ ನೀಡಿ ಭರ್ತಿ ಮಾಡಿದ ಅರ್ಜಿಯನ್ನು ಫೆಬ್ರವರಿ 20 ರೊಳಗಾಗಿ ಅರ್ಜಿ ಸಲ್ಲಿಸಬೇಕು. ಹೆಚ್ಚಿನ ಮಾಹಿತಿಗಾಗಿ ಕಛೇರಿಗೆ ಭೇಟಿ ನೀಡಬಹುದು ಹಾಗೂ ದೂರವಾಣಿ ಸಂಖ್ಯೆ: 08539-225566 ಗೆ ಸಂಪರ್ಕಿಸಬಹುದಾಗಿದೆ ಎಂದು ಪ್ರವಾಸೋದ್ಯಮ ಇಲಾಖೆ ಸಹಾಯಕ ನಿರ್ದೇಶಕರು ಪ್ರಕಟಣೆಯಲ್ಲಿ ತಿಳಿಸಿದ್ದಾರೆ.
